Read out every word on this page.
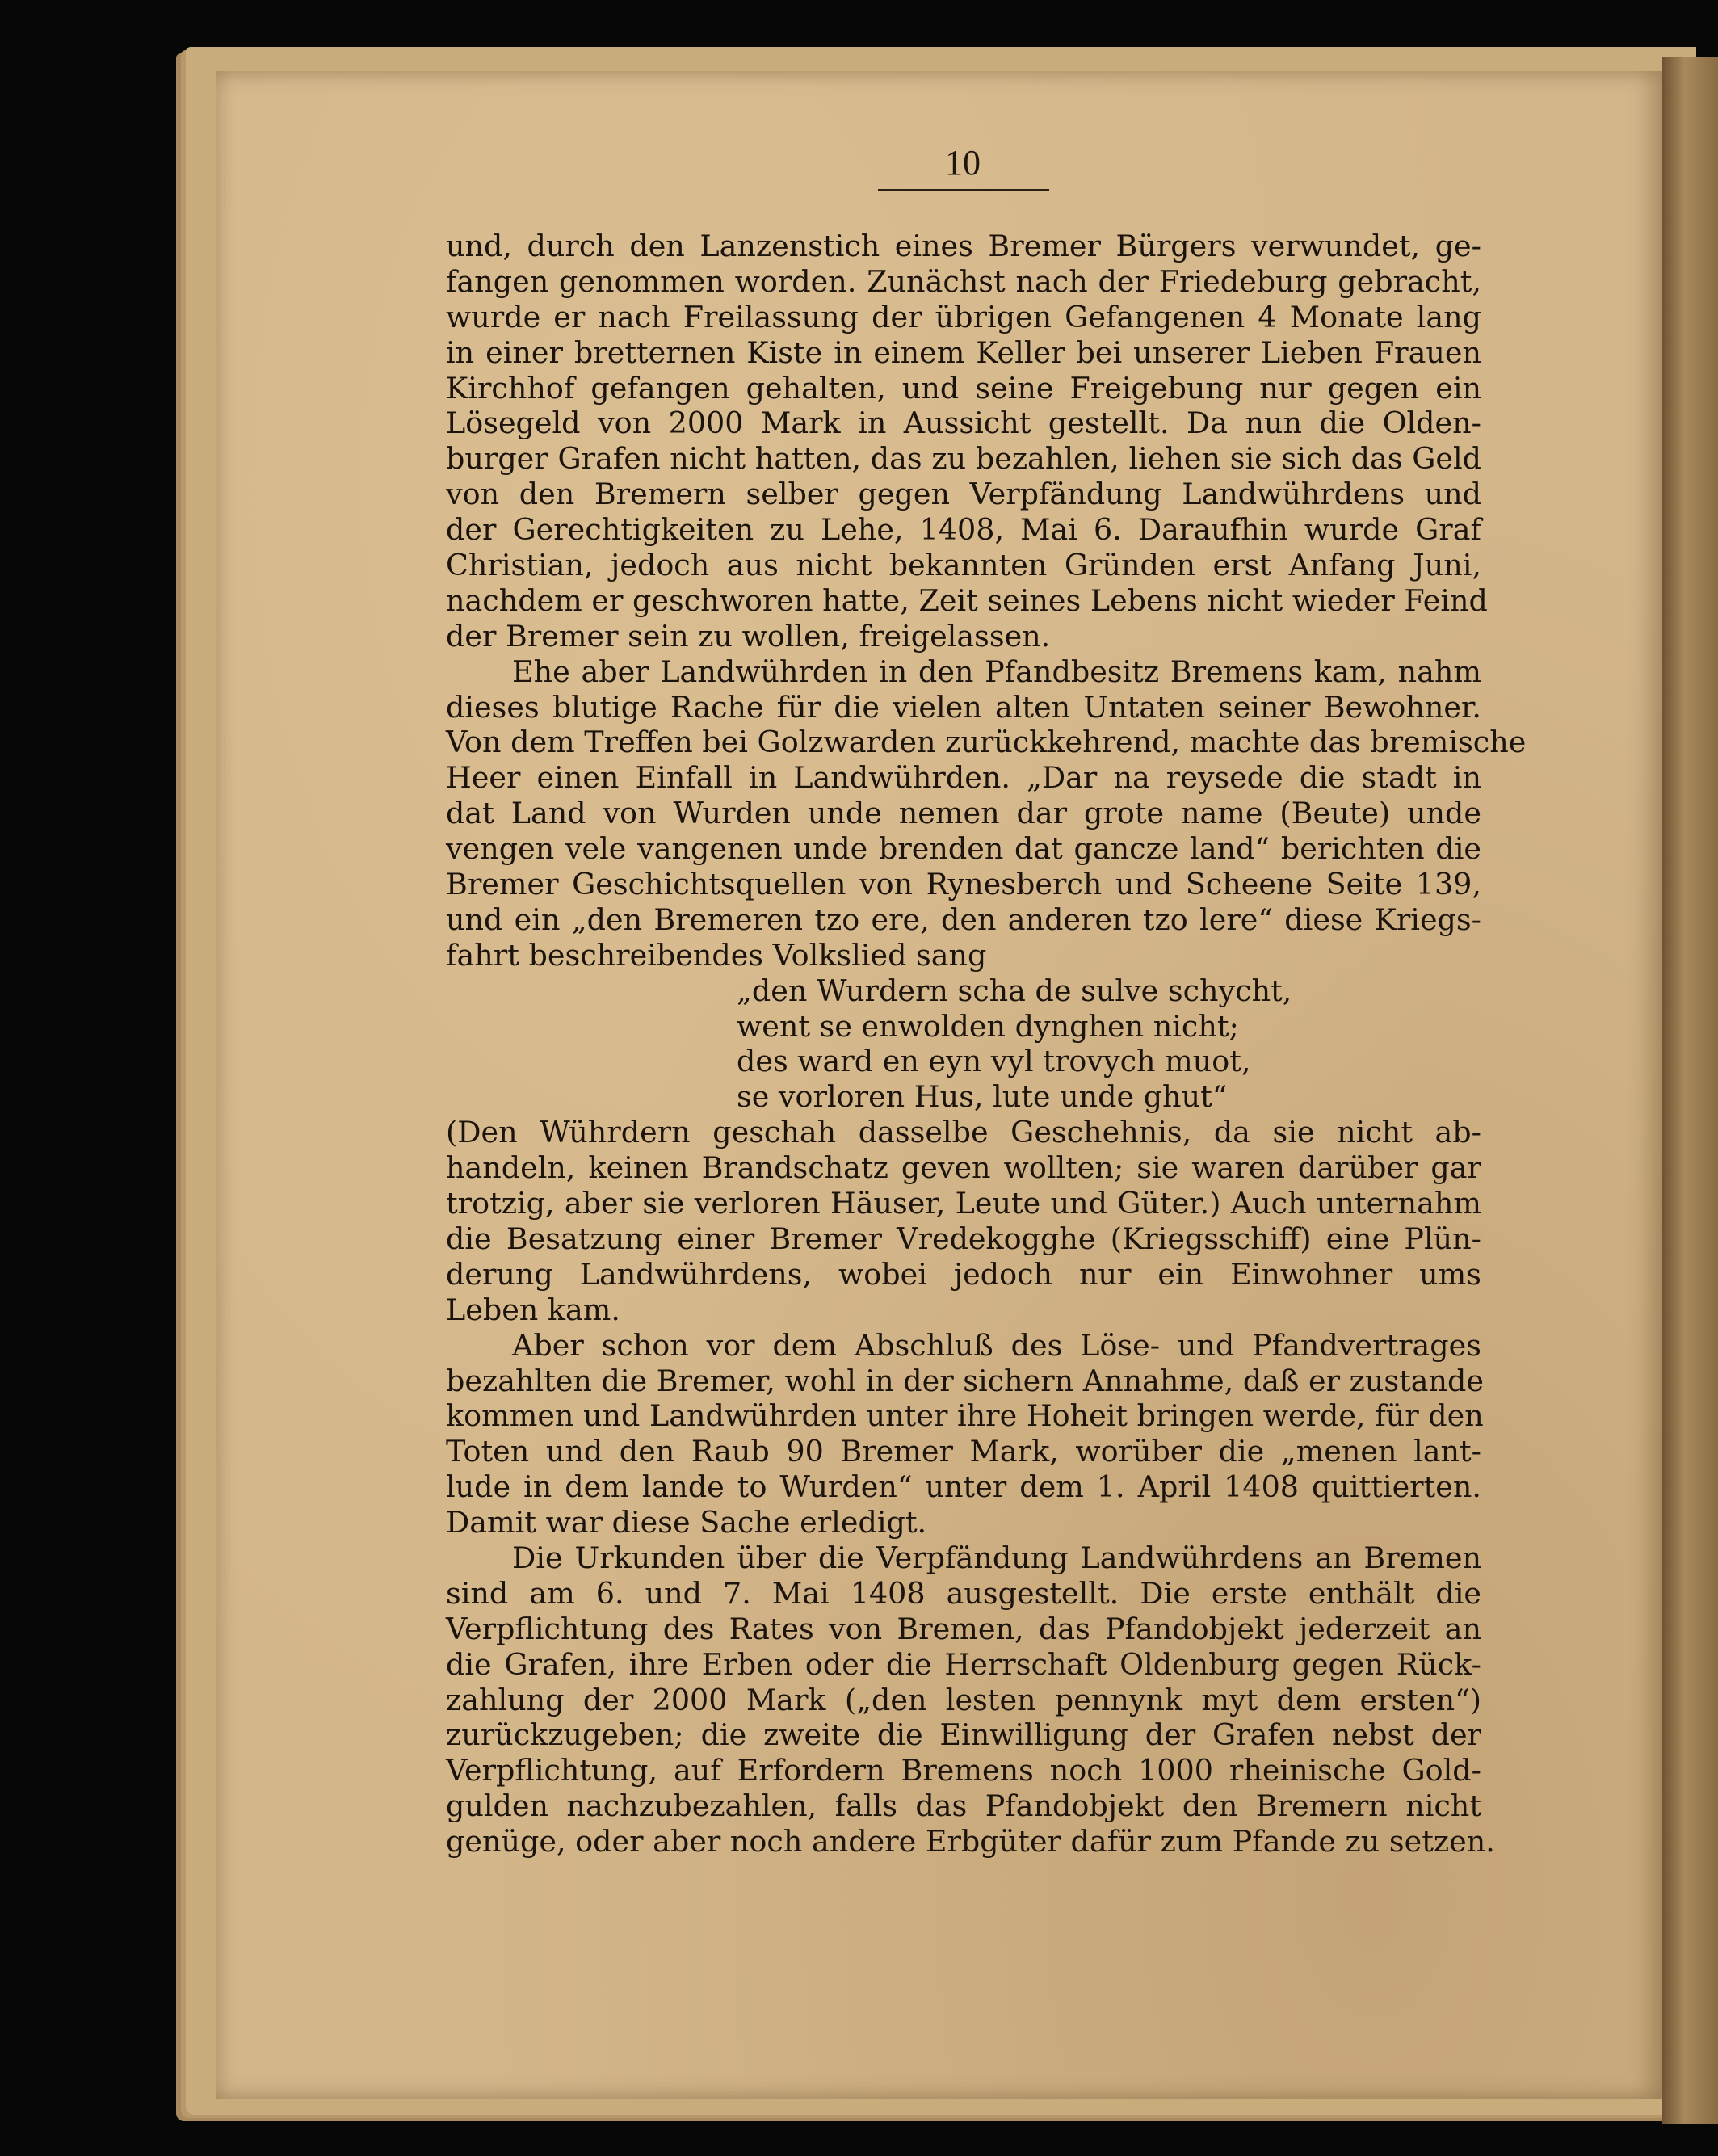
10
und, durch den Lanzenstich eines Bremer Bürgers verwundet, ge-
fangen genommen worden. Zunächst nach der Friedeburg gebracht,
wurde er nach Freilassung der übrigen Gefangenen 4 Monate lang
in einer bretternen Kiste in einem Keller bei unserer Lieben Frauen
Kirchhof gefangen gehalten, und seine Freigebung nur gegen ein
Lösegeld von 2000 Mark in Aussicht gestellt. Da nun die Olden-
burger Grafen nicht hatten, das zu bezahlen, liehen sie sich das Geld
von den Bremern selber gegen Verpfändung Landwührdens und
der Gerechtigkeiten zu Lehe, 1408, Mai 6. Daraufhin wurde Graf
Christian, jedoch aus nicht bekannten Gründen erst Anfang Juni,
nachdem er geschworen hatte, Zeit seines Lebens nicht wieder Feind
der Bremer sein zu wollen, freigelassen.
Ehe aber Landwührden in den Pfandbesitz Bremens kam, nahm
dieses blutige Rache für die vielen alten Untaten seiner Bewohner.
Von dem Treffen bei Golzwarden zurückkehrend, machte das bremische
Heer einen Einfall in Landwührden. „Dar na reysede die stadt in
dat Land von Wurden unde nemen dar grote name (Beute) unde
vengen vele vangenen unde brenden dat gancze land“ berichten die
Bremer Geschichtsquellen von Rynesberch und Scheene Seite 139,
und ein „den Bremeren tzo ere, den anderen tzo lere“ diese Kriegs-
fahrt beschreibendes Volkslied sang
„den Wurdern scha de sulve schycht,
went se enwolden dynghen nicht;
des ward en eyn vyl trovych muot,
se vorloren Hus, lute unde ghut“
(Den Wührdern geschah dasselbe Geschehnis, da sie nicht ab-
handeln, keinen Brandschatz geven wollten; sie waren darüber gar
trotzig, aber sie verloren Häuser, Leute und Güter.) Auch unternahm
die Besatzung einer Bremer Vredekogghe (Kriegsschiff) eine Plün-
derung Landwührdens, wobei jedoch nur ein Einwohner ums
Leben kam.
Aber schon vor dem Abschluß des Löse- und Pfandvertrages
bezahlten die Bremer, wohl in der sichern Annahme, daß er zustande
kommen und Landwührden unter ihre Hoheit bringen werde, für den
Toten und den Raub 90 Bremer Mark, worüber die „menen lant-
lude in dem lande to Wurden“ unter dem 1. April 1408 quittierten.
Damit war diese Sache erledigt.
Die Urkunden über die Verpfändung Landwührdens an Bremen
sind am 6. und 7. Mai 1408 ausgestellt. Die erste enthält die
Verpflichtung des Rates von Bremen, das Pfandobjekt jederzeit an
die Grafen, ihre Erben oder die Herrschaft Oldenburg gegen Rück-
zahlung der 2000 Mark („den lesten pennynk myt dem ersten“)
zurückzugeben; die zweite die Einwilligung der Grafen nebst der
Verpflichtung, auf Erfordern Bremens noch 1000 rheinische Gold-
gulden nachzubezahlen, falls das Pfandobjekt den Bremern nicht
genüge, oder aber noch andere Erbgüter dafür zum Pfande zu setzen.
